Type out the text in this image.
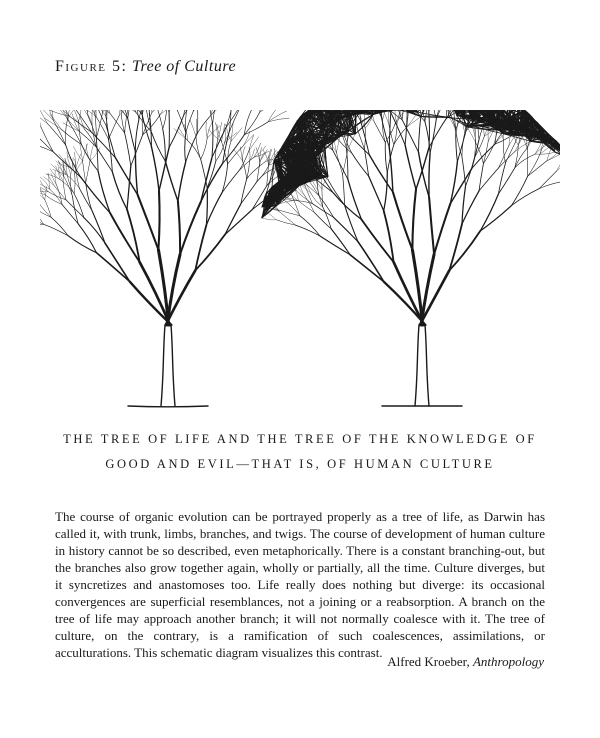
Figure 5: Tree of Culture
THE TREE OF LIFE AND THE TREE OF THE KNOWLEDGE OF
GOOD AND EVIL—THAT IS, OF HUMAN CULTURE
The course of organic evolution can be portrayed properly as a tree of life, as Darwin has called it, with trunk, limbs, branches, and twigs. The course of development of human culture in history cannot be so described, even metaphorically. There is a constant branching-out, but the branches also grow together again, wholly or partially, all the time. Culture diverges, but it syncretizes and anastomoses too. Life really does nothing but diverge: its occasional convergences are superficial resemblances, not a joining or a reabsorption. A branch on the tree of life may approach another branch; it will not normally coalesce with it. The tree of culture, on the contrary, is a ramification of such coalescences, assimilations, or acculturations. This schematic diagram visualizes this contrast.
Alfred Kroeber, Anthropology
